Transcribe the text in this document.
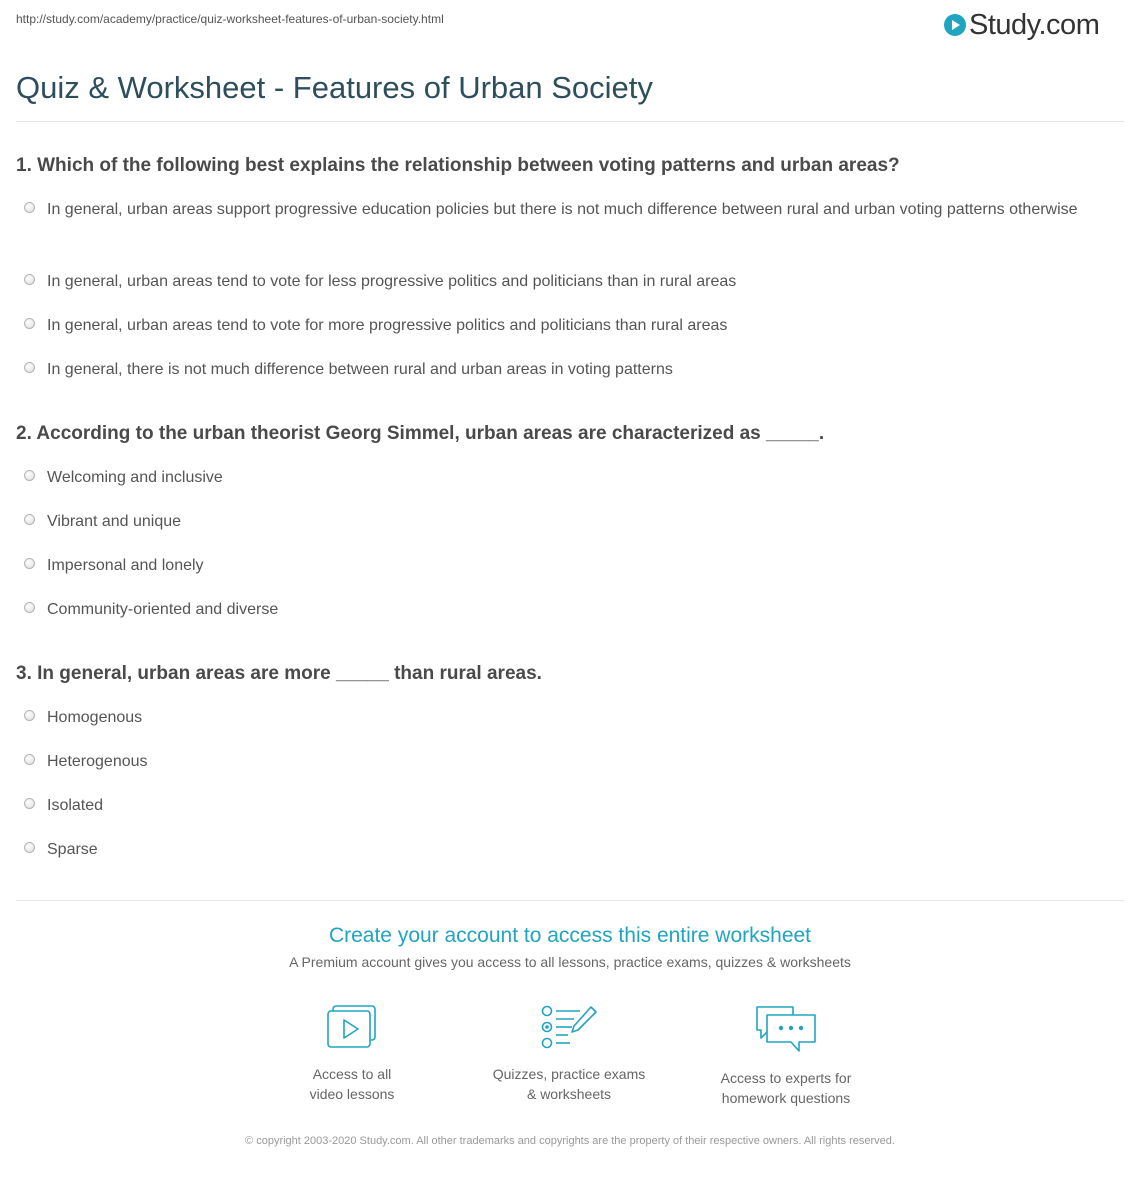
http://study.com/academy/practice/quiz-worksheet-features-of-urban-society.html	Study.com
Quiz & Worksheet - Features of Urban Society
1. Which of the following best explains the relationship between voting patterns and urban areas?
In general, urban areas support progressive education policies but there is not much difference between rural and urban voting patterns otherwise
In general, urban areas tend to vote for less progressive politics and politicians than in rural areas
In general, urban areas tend to vote for more progressive politics and politicians than rural areas
In general, there is not much difference between rural and urban areas in voting patterns
2. According to the urban theorist Georg Simmel, urban areas are characterized as _____.
Welcoming and inclusive
Vibrant and unique
Impersonal and lonely
Community-oriented and diverse
3. In general, urban areas are more _____ than rural areas.
Homogenous
Heterogenous
Isolated
Sparse
Create your account to access this entire worksheet
A Premium account gives you access to all lessons, practice exams, quizzes & worksheets
Access to all
video lessons
Quizzes, practice exams
& worksheets
Access to experts for
homework questions
© copyright 2003-2020 Study.com. All other trademarks and copyrights are the property of their respective owners. All rights reserved.
